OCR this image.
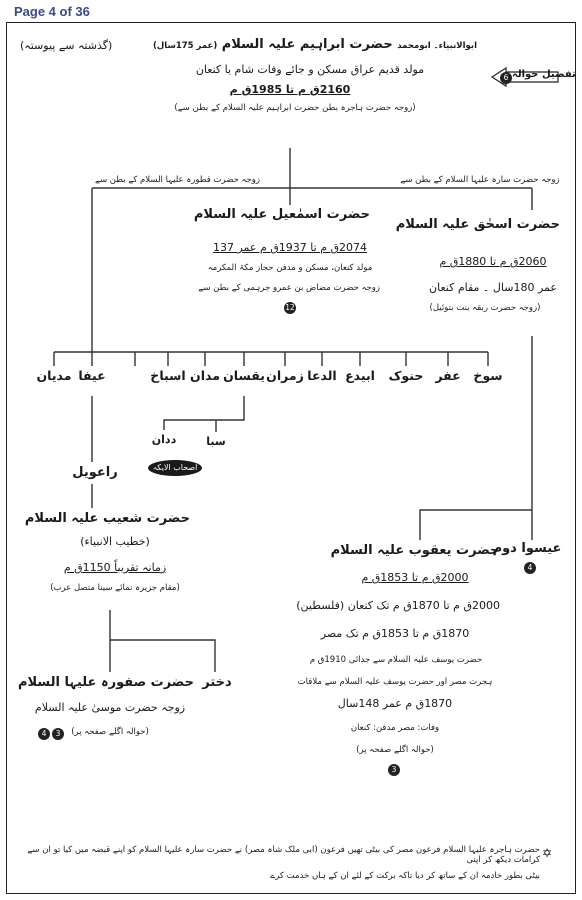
Page 4 of 36
(گذشتہ سے پیوستہ)
تفصیل حوالہ
6
ابوالانبیاء۔ ابومحمد حضرت ابراہیم علیہ السلام (عمر 175سال)
مولد قدیم عراق مسکن و جائے وفات شام یا کنعان
2160ق م تا 1985ق م
(زوجہ حضرت ہاجرہ بطن حضرت ابراہیم علیہ السلام کے بطن سے)
زوجہ حضرت قطورہ علیہا السلام کے بطن سے	زوجہ حضرت سارہ علیہا السلام کے بطن سے
حضرت اسمٰعیل علیہ السلام
2074ق م تا 1937ق م عمر 137
مولد کنعان، مسکن و مدفن حجاز مکۃ المکرمہ
زوجہ حضرت مضاض بن عمرو جرہمی کے بطن سے
12
حضرت اسحٰق علیہ السلام
2060ق م تا 1880ق م
عمر 180سال ۔ مقام کنعان
(زوجہ حضرت ربقہ بنت بتوئیل)
سوخ
عفر
حنوک
ابیدع
الدعا
زمران
یقسان
مدان
اسباخ
عیفا
مدیان
سبا
ددان
اصحاب الایکہ
راعویل
حضرت شعیب علیہ السلام
(خطیب الانبیاء)
زمانہ تقریباً 1150ق م
(مقام جزیرہ نمائے سینا متصل عرب)
دختر
حضرت صفورہ علیہا السلام
زوجہ حضرت موسیٰ علیہ السلام
(حوالہ اگلے صفحہ پر)
3
4
عیسوا دوم
4
حضرت یعقوب علیہ السلام
2000ق م تا 1853ق م
2000ق م تا 1870ق م تک کنعان (فلسطین)
1870ق م تا 1853ق م تک مصر
حضرت یوسف علیہ السلام سے جدائی 1910ق م
ہجرت مصر اور حضرت یوسف علیہ السلام سے ملاقات
1870ق م عمر 148سال
وفات: مصر مدفن: کنعان
(حوالہ اگلے صفحہ پر)
3
✡
حضرت ہاجرہ علیہا السلام فرعون مصر کی بیٹی تھیں فرعون (ابی ملک شاہ مصر) نے حضرت سارہ علیہا السلام کو اپنے قبضہ میں کیا تو ان سے کرامات دیکھ کر اپنی
بیٹی بطور خادمہ ان کے ساتھ کر دیا تاکہ برکت کے لئے ان کے ہاں خدمت کرے
